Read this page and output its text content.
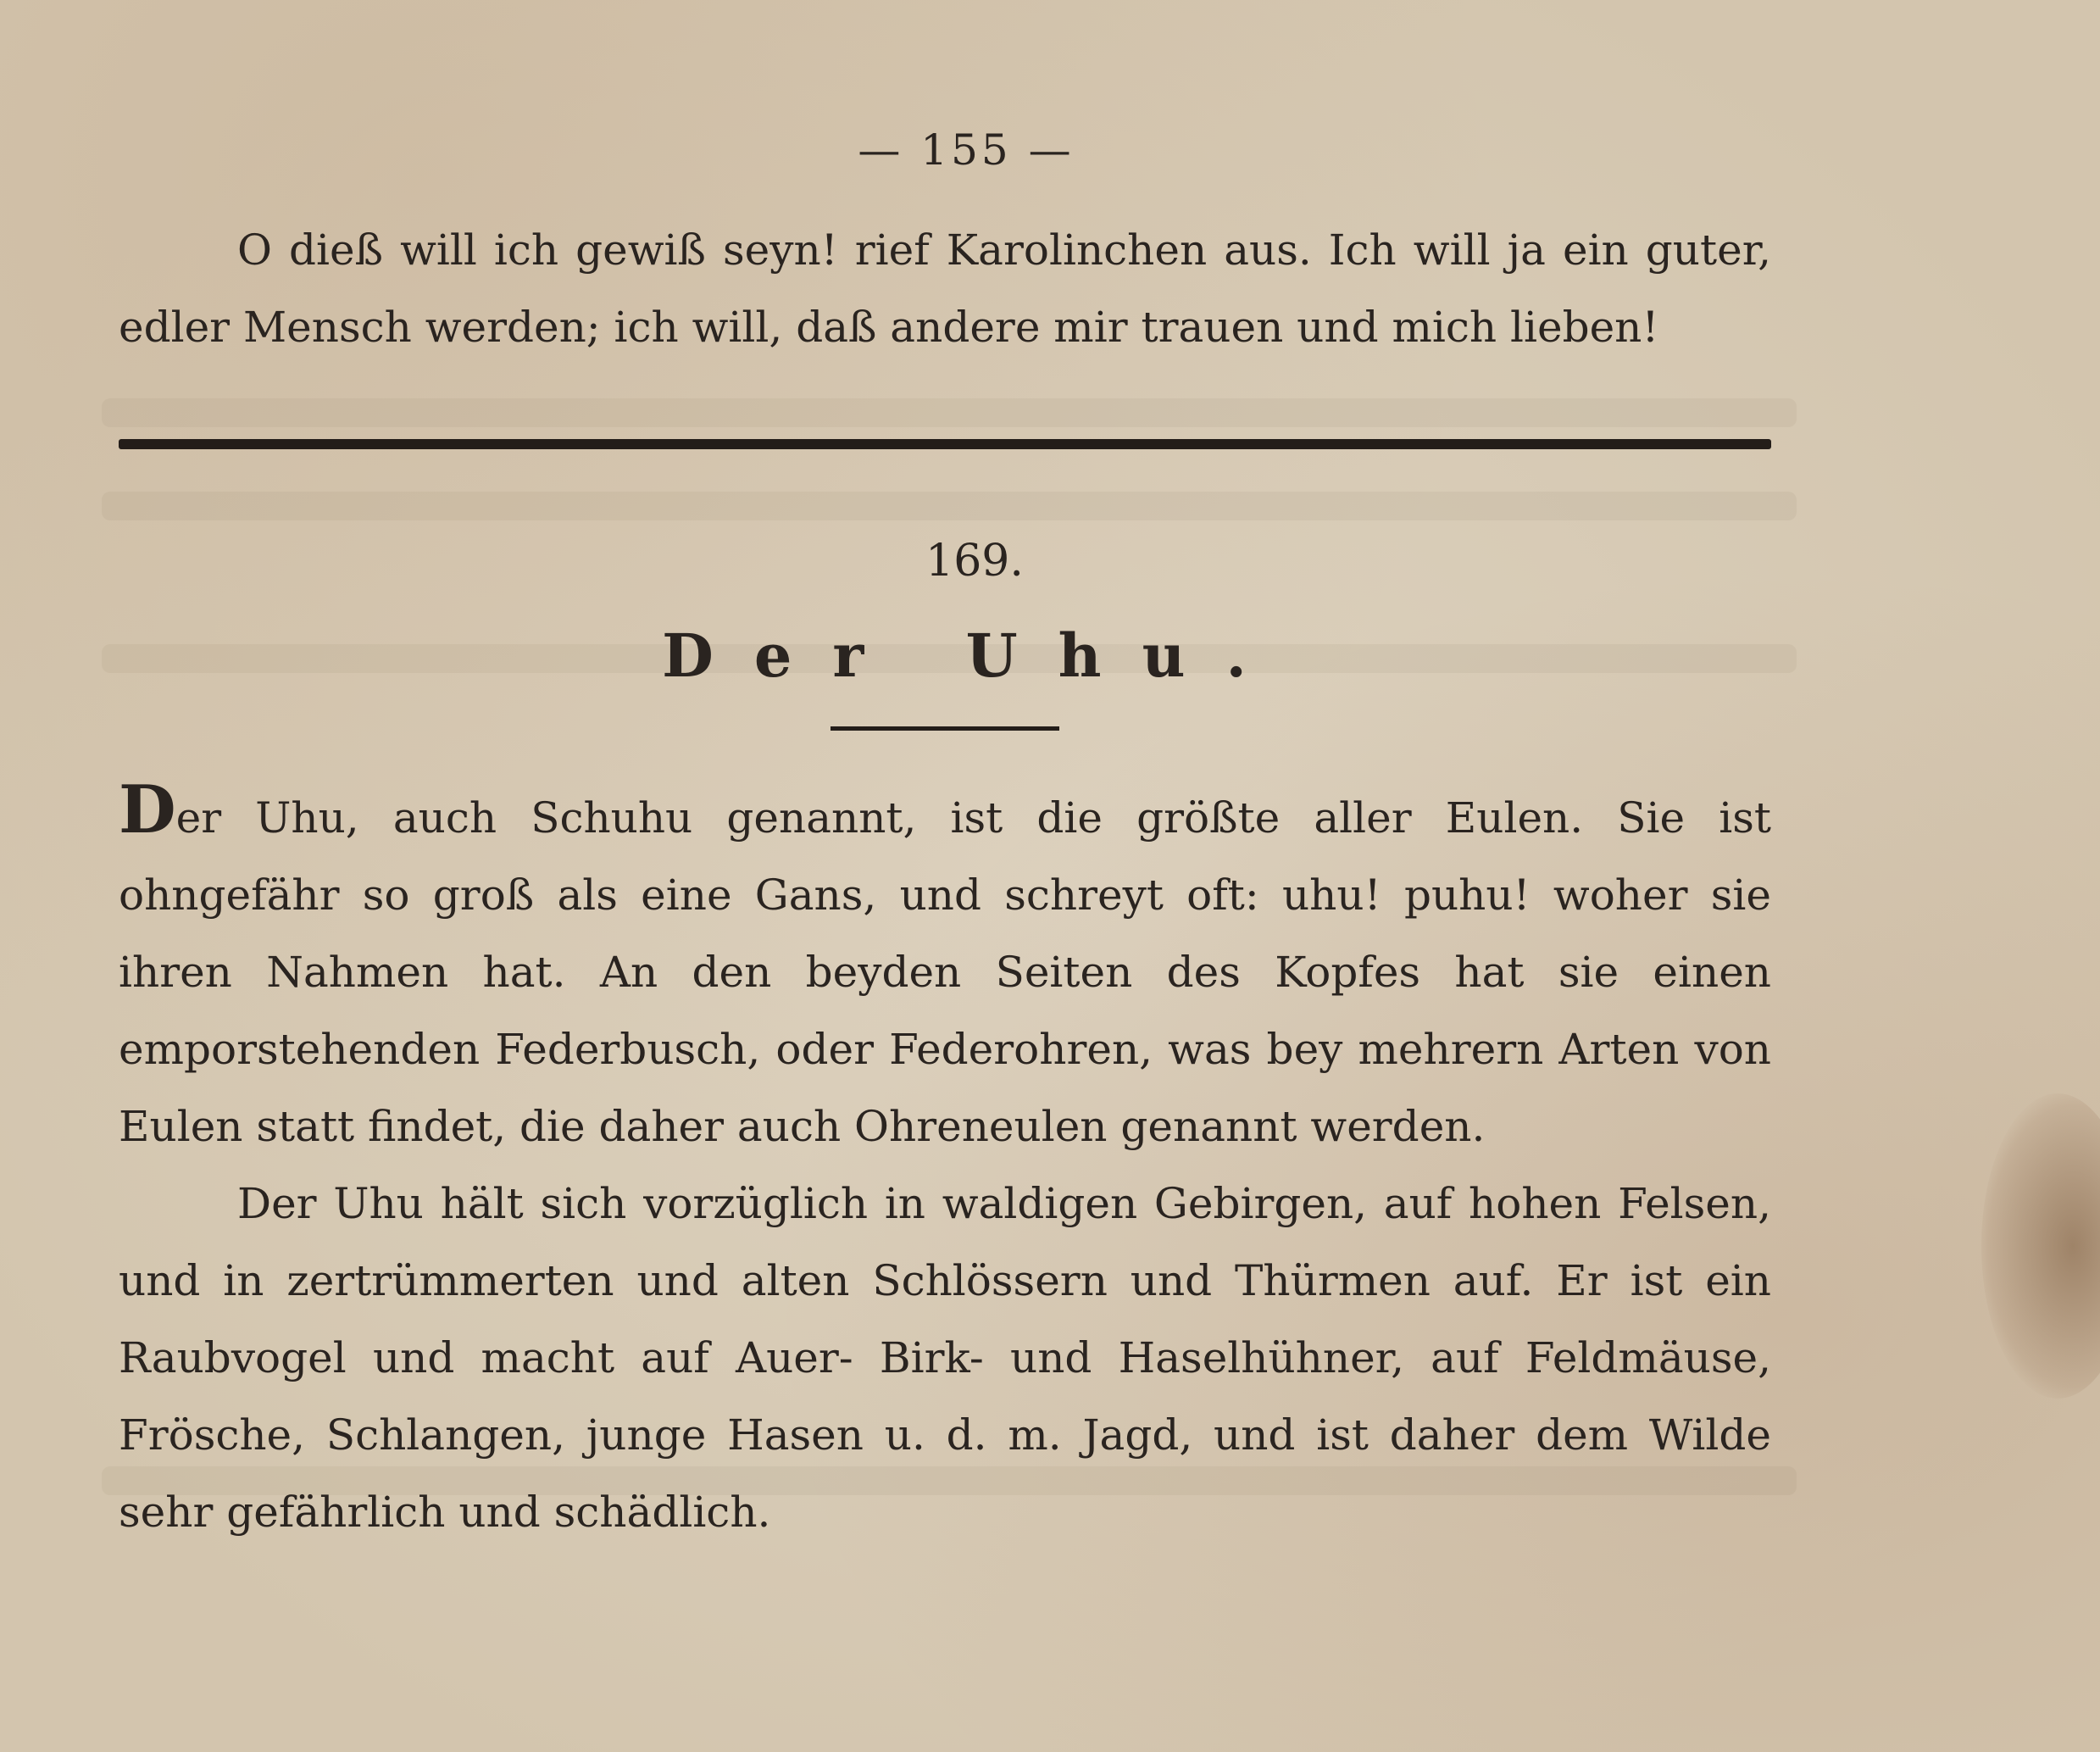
— 155 —

O dieß will ich gewiß seyn! rief Karolinchen aus. Ich will ja ein guter, edler Mensch werden; ich will, daß andere mir trauen und mich lieben!

169.
Der Uhu.

Der Uhu, auch Schuhu genannt, ist die größte aller Eulen. Sie ist ohngefähr so groß als eine Gans, und schreyt oft: uhu! puhu! woher sie ihren Nahmen hat. An den beyden Seiten des Kopfes hat sie einen emporstehenden Federbusch, oder Federohren, was bey mehrern Arten von Eulen statt findet, die daher auch Ohreneulen genannt werden.

Der Uhu hält sich vorzüglich in waldigen Gebirgen, auf hohen Felsen, und in zertrümmerten und alten Schlössern und Thürmen auf. Er ist ein Raubvogel und macht auf Auer- Birk- und Haselhühner, auf Feldmäuse, Frösche, Schlangen, junge Hasen u. d. m. Jagd, und ist daher dem Wilde sehr gefährlich und schädlich.
